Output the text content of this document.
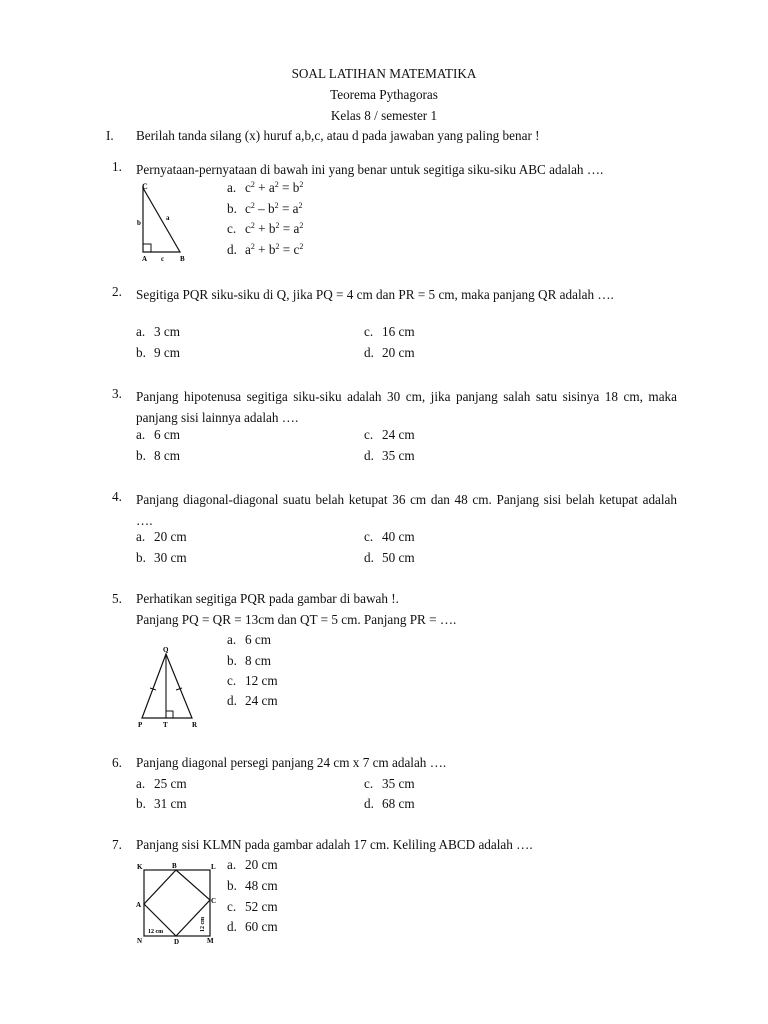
SOAL LATIHAN MATEMATIKA
Teorema Pythagoras
Kelas 8 / semester 1
I. Berilah tanda silang (x) huruf a,b,c, atau d pada jawaban yang paling benar !
1.	Pernyataan-pernyataan di bawah ini yang benar untuk segitiga siku-siku ABC adalah ….
C
b
a
A c B
a. $c^2 + a^2 = b^2$
b. $c^2 - b^2 = a^2$
c. $c^2 + b^2 = a^2$
d. $a^2 + b^2 = c^2$
2.	Segitiga PQR siku-siku di Q, jika PQ = 4 cm dan PR = 5 cm, maka panjang QR adalah ….
a. 3 cm	c. 16 cm
b. 9 cm	d. 20 cm
3.	Panjang hipotenusa segitiga siku-siku adalah 30 cm, jika panjang salah satu sisinya 18 cm, maka panjang sisi lainnya adalah ….
a. 6 cm	c. 24 cm
b. 8 cm	d. 35 cm
4.	Panjang diagonal-diagonal suatu belah ketupat 36 cm dan 48 cm. Panjang sisi belah ketupat adalah ….
a. 20 cm	c. 40 cm
b. 30 cm	d. 50 cm
5.	Perhatikan segitiga PQR pada gambar di bawah !.
Panjang PQ = QR = 13cm dan QT = 5 cm. Panjang PR = ….
Q
P	T	R
a. 6 cm
b. 8 cm
c. 12 cm
d. 24 cm
6.	Panjang diagonal persegi panjang 24 cm x 7 cm adalah ….
a. 25 cm	c. 35 cm
b. 31 cm	d. 68 cm
7.	Panjang sisi KLMN pada gambar adalah 17 cm. Keliling ABCD adalah ….
K	B	L
A	C
N	D	M
12 cm	12 cm
a. 20 cm
b. 48 cm
c. 52 cm
d. 60 cm
